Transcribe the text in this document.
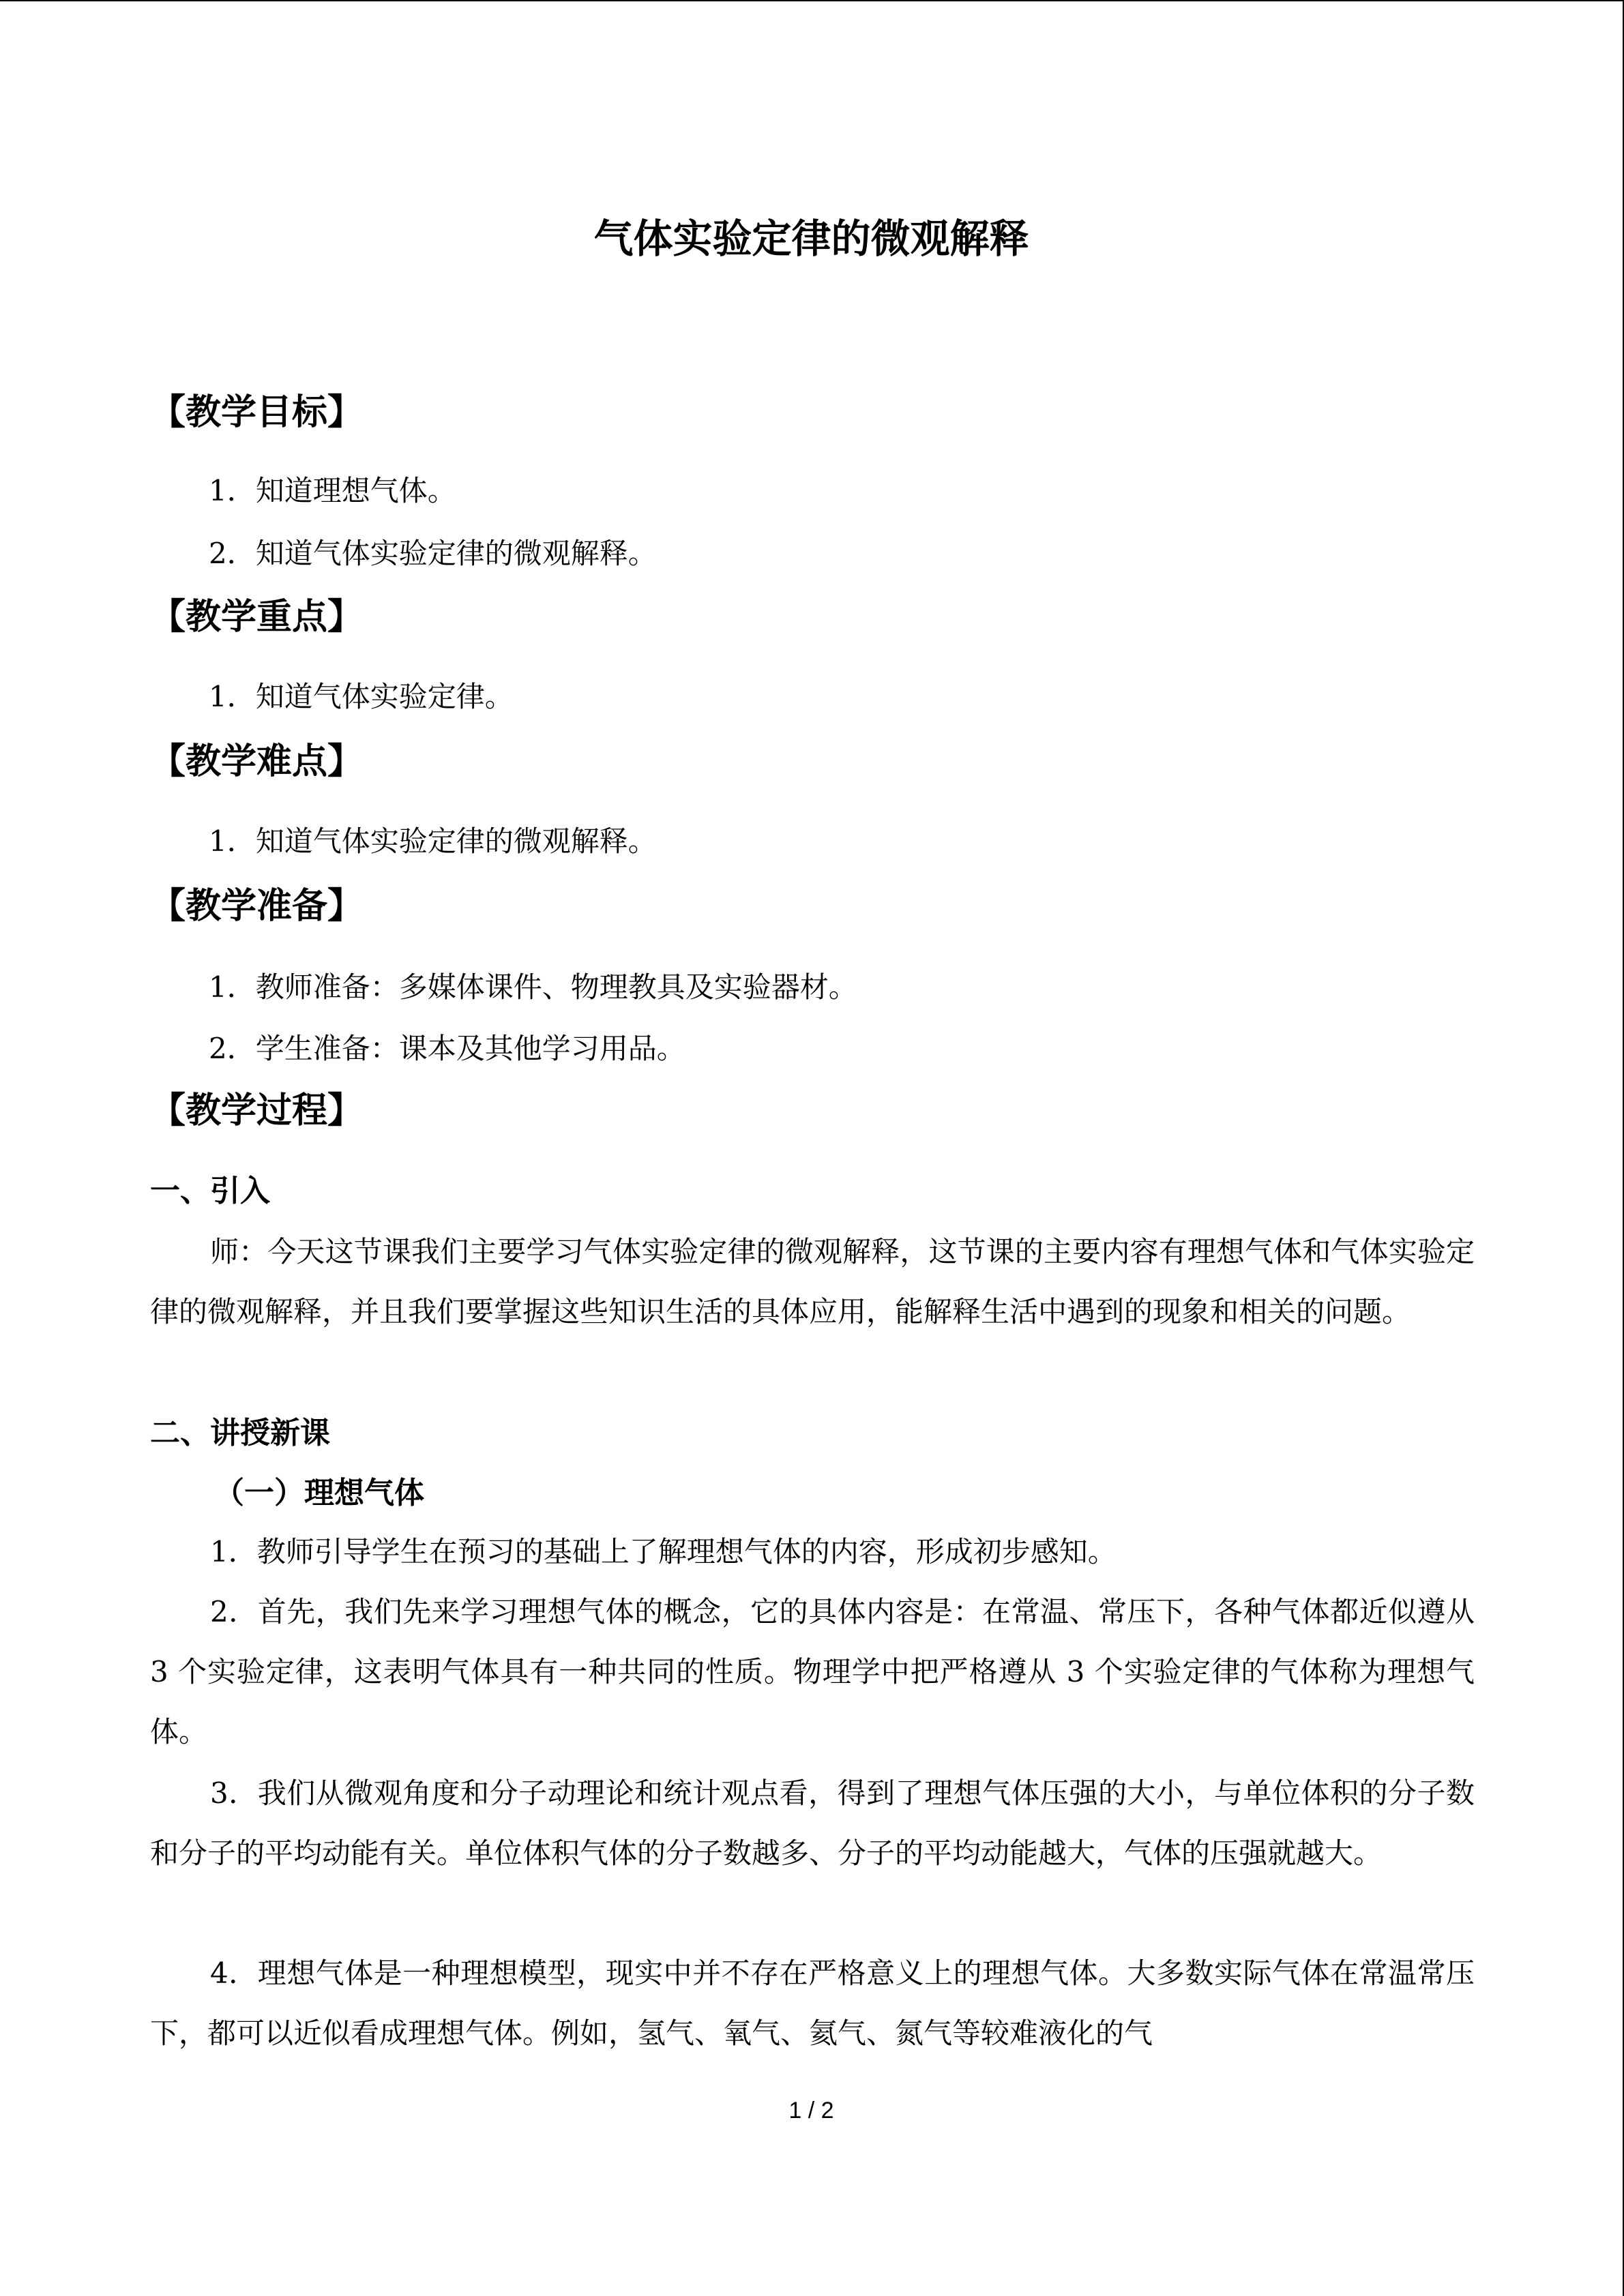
气体实验定律的微观解释
【教学目标】
1．知道理想气体。
2．知道气体实验定律的微观解释。
【教学重点】
1．知道气体实验定律。
【教学难点】
1．知道气体实验定律的微观解释。
【教学准备】
1．教师准备：多媒体课件、物理教具及实验器材。
2．学生准备：课本及其他学习用品。
【教学过程】
一、引入
师：今天这节课我们主要学习气体实验定律的微观解释，这节课的主要内容有理想气体和气体实验定律的微观解释，并且我们要掌握这些知识生活的具体应用，能解释生活中遇到的现象和相关的问题。
二、讲授新课
（一）理想气体
1．教师引导学生在预习的基础上了解理想气体的内容，形成初步感知。
2．首先，我们先来学习理想气体的概念，它的具体内容是：在常温、常压下，各种气体都近似遵从 3 个实验定律，这表明气体具有一种共同的性质。物理学中把严格遵从 3 个实验定律的气体称为理想气体。
3．我们从微观角度和分子动理论和统计观点看，得到了理想气体压强的大小，与单位体积的分子数和分子的平均动能有关。单位体积气体的分子数越多、分子的平均动能越大，气体的压强就越大。
4．理想气体是一种理想模型，现实中并不存在严格意义上的理想气体。大多数实际气体在常温常压下，都可以近似看成理想气体。例如，氢气、氧气、氦气、氮气等较难液化的气
1 / 2
